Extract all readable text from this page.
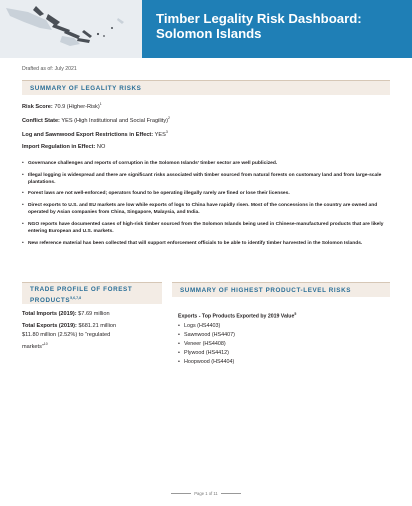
Timber Legality Risk Dashboard:
Solomon Islands
Drafted as of: July 2021
SUMMARY OF LEGALITY RISKS
Risk Score: 70.9 (Higher-Risk)$^1$
Conflict State: YES (High Institutional and Social Fragility)$^2$
Log and Sawnwood Export Restrictions in Effect: YES$^3$
Import Regulation in Effect: NO
• Governance challenges and reports of corruption in the Solomon Islands’ timber sector are well publicized.
• Illegal logging is widespread and there are significant risks associated with timber sourced from natural forests on customary land and from large-scale plantations.
• Forest laws are not well-enforced; operators found to be operating illegally rarely are fined or lose their licenses.
• Direct exports to U.S. and EU markets are low while exports of logs to China have rapidly risen. Most of the concessions in the country are owned and operated by Asian companies from China, Singapore, Malaysia, and India.
• NGO reports have documented cases of high-risk timber sourced from the Solomon Islands being used in Chinese-manufactured products that are likely entering European and U.S. markets.
• New reference material has been collected that will support enforcement officials to be able to identify timber harvested in the Solomon Islands.
TRADE PROFILE OF FOREST
PRODUCTS$^{5,6,7,8}$
Total Imports (2019): $7.69 million
Total Exports (2019): $681.21 million
$11.80 million (2.52%) to “regulated
markets”$^{10}$
SUMMARY OF HIGHEST PRODUCT-LEVEL RISKS
Exports - Top Products Exported by 2019 Value$^5$
• Logs (HS4403)
• Sawnwood (HS4407)
• Veneer (HS4408)
• Plywood (HS4412)
• Hoopwood (HS4404)
Page 1 of 11
